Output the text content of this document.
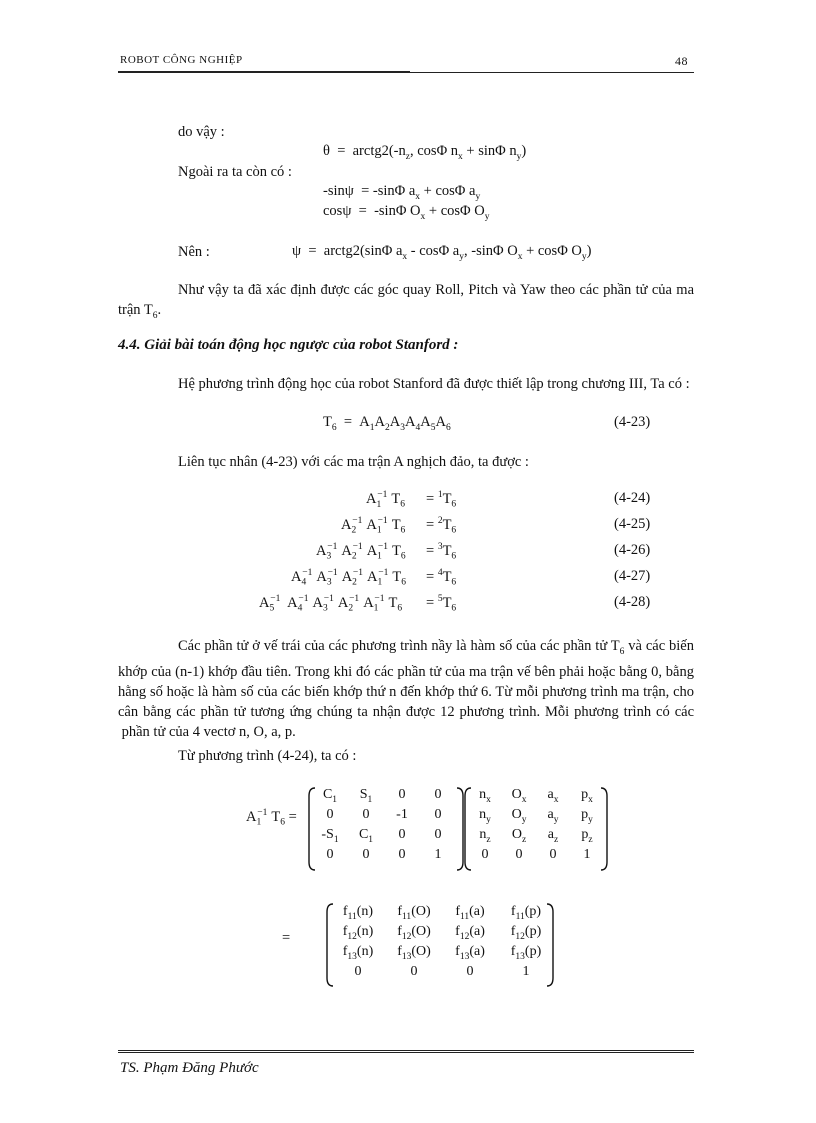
ROBOT CÔNG NGHIỆP	48
do vậy :
$\theta = arctg2(-n_z$, cosΦ $n_x + \sin\Phi$ $n_y$)
Ngoài ra ta còn có :
-sinψ  = -sinΦ $a_x + \cos\Phi$ $a_y$
cosψ  =  -sinΦ $O_x + \cos\Phi$ $O_y$
Nên :	ψ  =  arctg2(sinΦ $a_x$ - cosΦ $a_y$, -sinΦ $O_x + \cos\Phi$ $O_y$)
Như vậy ta đã xác định được các góc quay Roll, Pitch và Yaw theo các phần tử của ma trận $T_6$.
4.4. Giải bài toán động học ngược của robot Stanford :
Hệ phương trình động học của robot Stanford đã được thiết lập trong chương III, Ta có :
$T_6 = A_1A_2A_3A_4A_5A_6$	(4-23)
Liên tục nhân (4-23) với các ma trận A nghịch đảo, ta được :
$A_1^{-1}$ $T_6 = ^1T_6$	(4-24)
$A_2^{-1}$ $A_1^{-1}$ $T_6 = ^2T_6$	(4-25)
$A_3^{-1}$ $A_2^{-1}$ $A_1^{-1}$ $T_6 = ^3T_6$	(4-26)
$A_4^{-1}$ $A_3^{-1}$ $A_2^{-1}$ $A_1^{-1}$ $T_6 = ^4T_6$	(4-27)
$A_5^{-1}$ $A_4^{-1}$ $A_3^{-1}$ $A_2^{-1}$ $A_1^{-1}$ $T_6 = ^5T_6$	(4-28)
Các phần tử ở vế trái của các phương trình nầy là hàm số của các phần tử $T_6$ và các biến khớp của (n-1) khớp đầu tiên. Trong khi đó các phần tử của ma trận vế bên phải hoặc bằng 0, bằng hằng số hoặc là hàm số của các biến khớp thứ n đến khớp thứ 6. Từ mỗi phương trình ma trận, cho cân bằng các phần tử tương ứng chúng ta nhận được 12 phương trình. Mỗi phương trình có các  phần tử của 4 vectơ n, O, a, p.
Từ phương trình (4-24), ta có :
$A_1^{-1}$ $T_6$ =
$C_1$	$S_1$	0	0
0	0	-1	0
$-S_1$	$C_1$	0	0
0	0	0	1
$n_x$	$O_x$	$a_x$	$p_x$
$n_y$	$O_y$	$a_y$	$p_y$
$n_z$	$O_z$	$a_z$	$p_z$
0	0	0	1
=
$f_{11}(n)$	$f_{11}(O)$	$f_{11}(a)$	$f_{11}(p)$
$f_{12}(n)$	$f_{12}(O)$	$f_{12}(a)$	$f_{12}(p)$
$f_{13}(n)$	$f_{13}(O)$	$f_{13}(a)$	$f_{13}(p)$
0	0	0	1
TS. Phạm Đăng Phước
